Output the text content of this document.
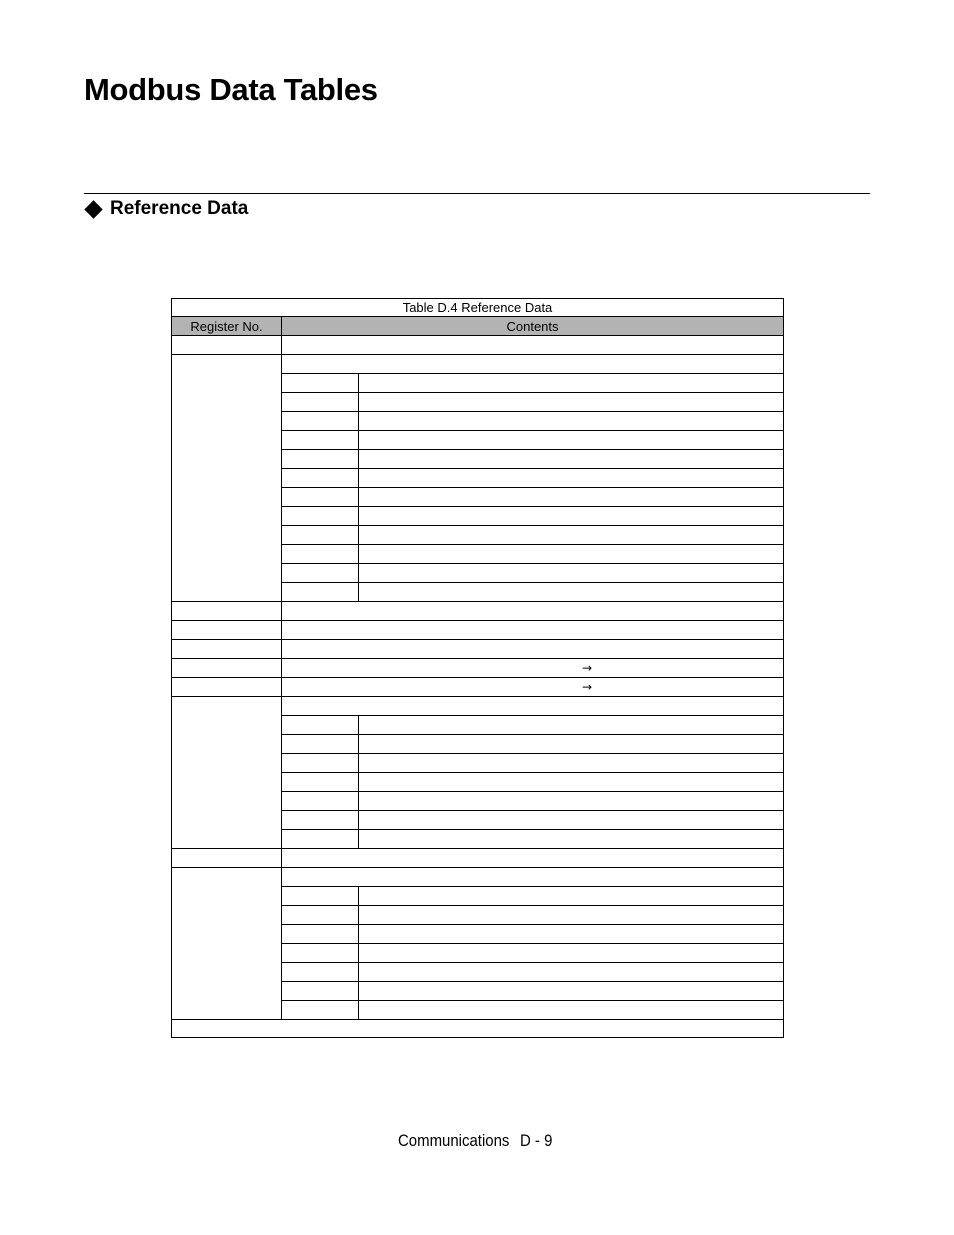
Modbus Data Tables
Reference Data
Table D.4 Reference Data		
Register No.	Contents	

	→	

	→	

Communications D - 9
